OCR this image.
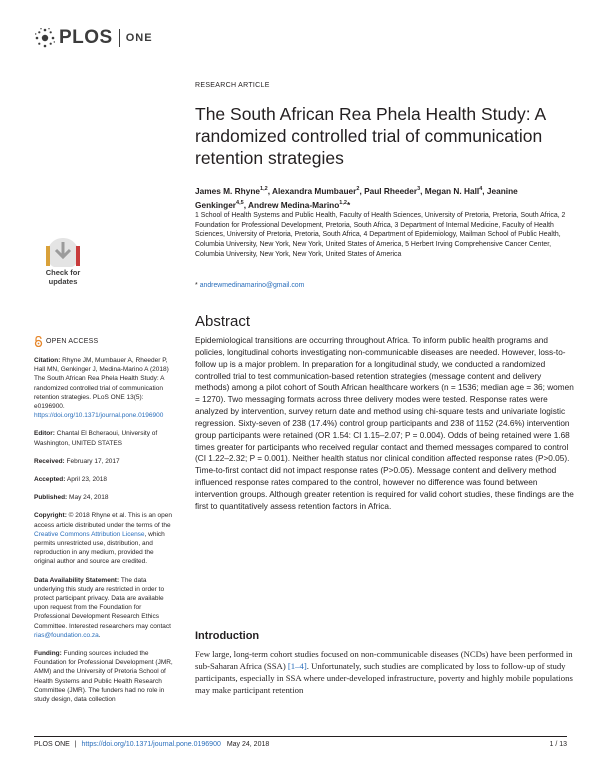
PLOS ONE
RESEARCH ARTICLE
The South African Rea Phela Health Study: A randomized controlled trial of communication retention strategies
James M. Rhyne$^{1,2}$, Alexandra Mumbauer$^2$, Paul Rheeder$^3$, Megan N. Hall$^4$, Jeanine Genkinger$^{4,5}$, Andrew Medina-Marino$^{1,2}$*
1 School of Health Systems and Public Health, Faculty of Health Sciences, University of Pretoria, Pretoria, South Africa, 2 Foundation for Professional Development, Pretoria, South Africa, 3 Department of Internal Medicine, Faculty of Health Sciences, University of Pretoria, Pretoria, South Africa, 4 Department of Epidemiology, Mailman School of Public Health, Columbia University, New York, New York, United States of America, 5 Herbert Irving Comprehensive Cancer Center, Columbia University, New York, New York, United States of America
* andrewmedinamarino@gmail.com
Check for updates
OPEN ACCESS
Citation: Rhyne JM, Mumbauer A, Rheeder P, Hall MN, Genkinger J, Medina-Marino A (2018) The South African Rea Phela Health Study: A randomized controlled trial of communication retention strategies. PLoS ONE 13(5): e0196900. https://doi.org/10.1371/journal.pone.0196900
Editor: Chantal El Bcheraoui, University of Washington, UNITED STATES
Received: February 17, 2017
Accepted: April 23, 2018
Published: May 24, 2018
Copyright: © 2018 Rhyne et al. This is an open access article distributed under the terms of the Creative Commons Attribution License, which permits unrestricted use, distribution, and reproduction in any medium, provided the original author and source are credited.
Data Availability Statement: The data underlying this study are restricted in order to protect participant privacy. Data are available upon request from the Foundation for Professional Development Research Ethics Committee. Interested researchers may contact rias@foundation.co.za.
Funding: Funding sources included the Foundation for Professional Development (JMR, AMM) and the University of Pretoria School of Health Systems and Public Health Research Committee (JMR). The funders had no role in study design, data collection
Abstract

Epidemiological transitions are occurring throughout Africa. To inform public health programs and policies, longitudinal cohorts investigating non-communicable diseases are needed. However, loss-to-follow up is a major problem. In preparation for a longitudinal study, we conducted a randomized controlled trial to test communication-based retention strategies (message content and delivery methods) among a pilot cohort of South African healthcare workers (n = 1536; median age = 36; women = 1270). Two messaging formats across three delivery modes were tested. Response rates were analyzed by intervention, survey return date and method using chi-square tests and univariate logistic regression. Sixty-seven of 238 (17.4%) control group participants and 238 of 1152 (24.6%) intervention group participants were retained (OR 1.54: CI 1.15–2.07; P = 0.004). Odds of being retained were 1.68 times greater for participants who received regular contact and themed messages compared to control (CI 1.22–2.32; P = 0.001). Neither health status nor clinical condition affected response rates (P>0.05). Time-to-first contact did not impact response rates (P>0.05). Message content and delivery method influenced response rates compared to the control, however no difference was found between intervention groups. Although greater retention is required for valid cohort studies, these findings are the first to quantitatively assess retention factors in Africa.

Introduction

Few large, long-term cohort studies focused on non-communicable diseases (NCDs) have been performed in sub-Saharan Africa (SSA) [1–4]. Unfortunately, such studies are complicated by loss to follow-up of study participants, especially in SSA where under-developed infrastructure, poverty and highly mobile populations may make participant retention

PLOS ONE | https://doi.org/10.1371/journal.pone.0196900 May 24, 2018	1 / 13
